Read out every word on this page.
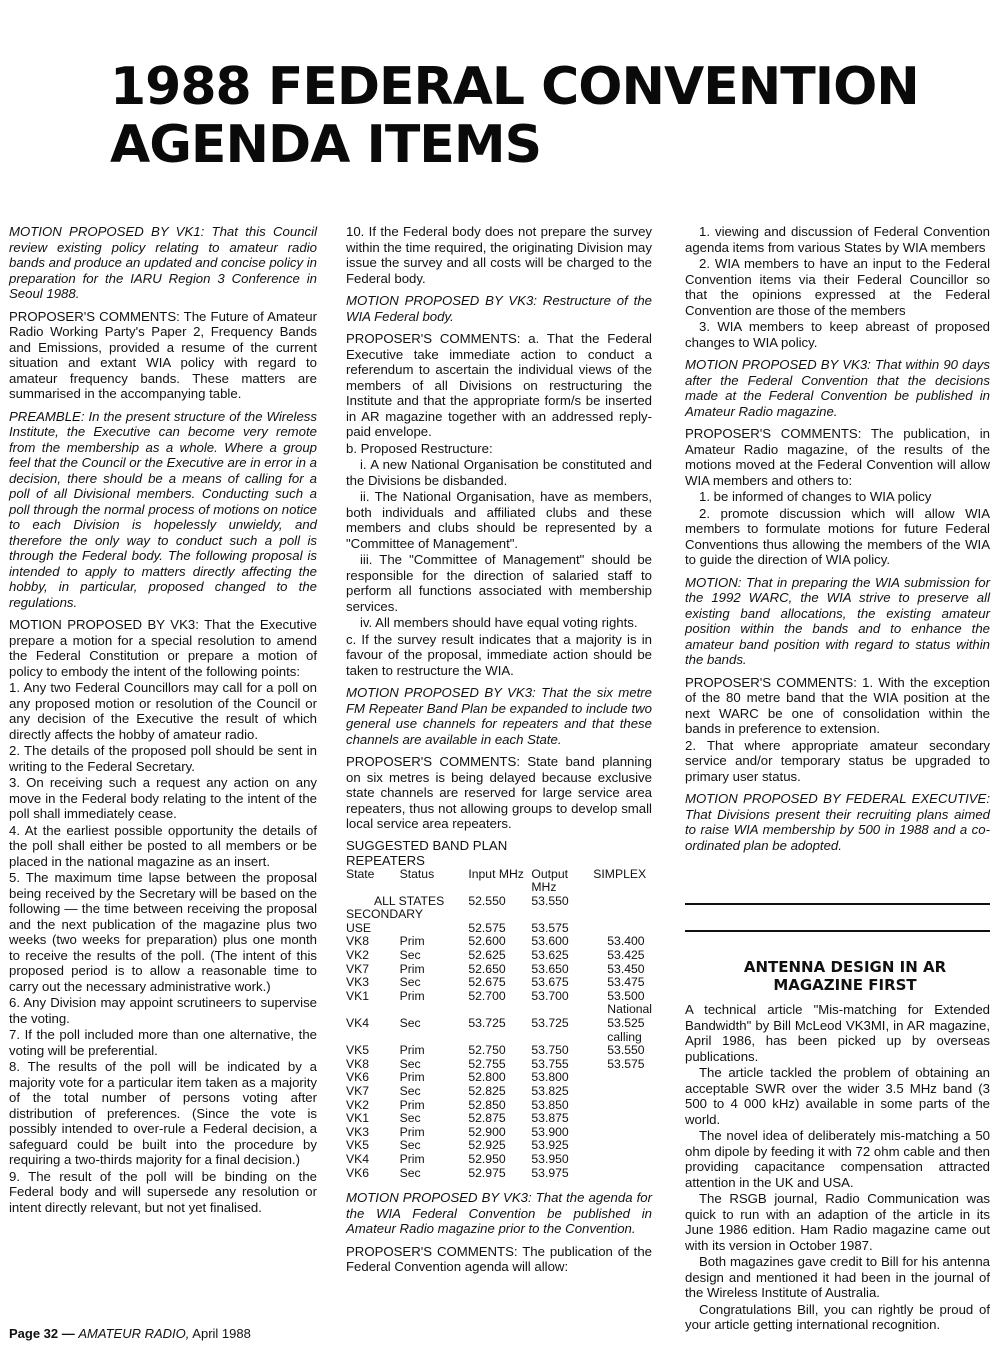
1988 FEDERAL CONVENTION
AGENDA ITEMS

MOTION PROPOSED BY VK1: That this Council review existing policy relating to amateur radio bands and produce an updated and concise policy in preparation for the IARU Region 3 Conference in Seoul 1988.

PROPOSER'S COMMENTS: The Future of Amateur Radio Working Party's Paper 2, Frequency Bands and Emissions, provided a resume of the current situation and extant WIA policy with regard to amateur frequency bands. These matters are summarised in the accompanying table.

PREAMBLE: In the present structure of the Wireless Institute, the Executive can become very remote from the membership as a whole. Where a group feel that the Council or the Executive are in error in a decision, there should be a means of calling for a poll of all Divisional members. Conducting such a poll through the normal process of motions on notice to each Division is hopelessly unwieldy, and therefore the only way to conduct such a poll is through the Federal body. The following proposal is intended to apply to matters directly affecting the hobby, in particular, proposed changed to the regulations.

MOTION PROPOSED BY VK3: That the Executive prepare a motion for a special resolution to amend the Federal Constitution or prepare a motion of policy to embody the intent of the following points:

1. Any two Federal Councillors may call for a poll on any proposed motion or resolution of the Council or any decision of the Executive the result of which directly affects the hobby of amateur radio.

2. The details of the proposed poll should be sent in writing to the Federal Secretary.

3. On receiving such a request any action on any move in the Federal body relating to the intent of the poll shall immediately cease.

4. At the earliest possible opportunity the details of the poll shall either be posted to all members or be placed in the national magazine as an insert.

5. The maximum time lapse between the proposal being received by the Secretary will be based on the following — the time between receiving the proposal and the next publication of the magazine plus two weeks (two weeks for preparation) plus one month to receive the results of the poll. (The intent of this proposed period is to allow a reasonable time to carry out the necessary administrative work.)

6. Any Division may appoint scrutineers to supervise the voting.

7. If the poll included more than one alternative, the voting will be preferential.

8. The results of the poll will be indicated by a majority vote for a particular item taken as a majority of the total number of persons voting after distribution of preferences. (Since the vote is possibly intended to over-rule a Federal decision, a safeguard could be built into the procedure by requiring a two-thirds majority for a final decision.)

9. The result of the poll will be binding on the Federal body and will supersede any resolution or intent directly relevant, but not yet finalised.

10. If the Federal body does not prepare the survey within the time required, the originating Division may issue the survey and all costs will be charged to the Federal body.

MOTION PROPOSED BY VK3: Restructure of the WIA Federal body.

PROPOSER'S COMMENTS: a. That the Federal Executive take immediate action to conduct a referendum to ascertain the individual views of the members of all Divisions on restructuring the Institute and that the appropriate form/s be inserted in AR magazine together with an addressed reply-paid envelope.

b. Proposed Restructure:

i. A new National Organisation be constituted and the Divisions be disbanded.

ii. The National Organisation, have as members, both individuals and affiliated clubs and these members and clubs should be represented by a "Committee of Management".

iii. The "Committee of Management" should be responsible for the direction of salaried staff to perform all functions associated with membership services.

iv. All members should have equal voting rights.

c. If the survey result indicates that a majority is in favour of the proposal, immediate action should be taken to restructure the WIA.

MOTION PROPOSED BY VK3: That the six metre FM Repeater Band Plan be expanded to include two general use channels for repeaters and that these channels are available in each State.

PROPOSER'S COMMENTS: State band planning on six metres is being delayed because exclusive state channels are reserved for large service area repeaters, thus not allowing groups to develop small local service area repeaters.

SUGGESTED BAND PLAN
REPEATERS
State	Status	Input MHz	Output MHz	SIMPLEX
ALL STATES		52.550	53.550	
SECONDARY				
USE		52.575	53.575	
VK8	Prim	52.600	53.600	53.400
VK2	Sec	52.625	53.625	53.425
VK7	Prim	52.650	53.650	53.450
VK3	Sec	52.675	53.675	53.475
VK1	Prim	52.700	53.700	53.500
				National
VK4	Sec	53.725	53.725	53.525
				calling
VK5	Prim	52.750	53.750	53.550
VK8	Sec	52.755	53.755	53.575
VK6	Prim	52.800	53.800	
VK7	Sec	52.825	53.825	
VK2	Prim	52.850	53.850	
VK1	Sec	52.875	53.875	
VK3	Prim	52.900	53.900	
VK5	Sec	52.925	53.925	
VK4	Prim	52.950	53.950	
VK6	Sec	52.975	53.975	

MOTION PROPOSED BY VK3: That the agenda for the WIA Federal Convention be published in Amateur Radio magazine prior to the Convention.

PROPOSER'S COMMENTS: The publication of the Federal Convention agenda will allow:

1. viewing and discussion of Federal Convention agenda items from various States by WIA members

2. WIA members to have an input to the Federal Convention items via their Federal Councillor so that the opinions expressed at the Federal Convention are those of the members

3. WIA members to keep abreast of proposed changes to WIA policy.

MOTION PROPOSED BY VK3: That within 90 days after the Federal Convention that the decisions made at the Federal Convention be published in Amateur Radio magazine.

PROPOSER'S COMMENTS: The publication, in Amateur Radio magazine, of the results of the motions moved at the Federal Convention will allow WIA members and others to:

1. be informed of changes to WIA policy

2. promote discussion which will allow WIA members to formulate motions for future Federal Conventions thus allowing the members of the WIA to guide the direction of WIA policy.

MOTION: That in preparing the WIA submission for the 1992 WARC, the WIA strive to preserve all existing band allocations, the existing amateur position within the bands and to enhance the amateur band position with regard to status within the bands.

PROPOSER'S COMMENTS: 1. With the exception of the 80 metre band that the WIA position at the next WARC be one of consolidation within the bands in preference to extension.

2. That where appropriate amateur secondary service and/or temporary status be upgraded to primary user status.

MOTION PROPOSED BY FEDERAL EXECUTIVE: That Divisions present their recruiting plans aimed to raise WIA membership by 500 in 1988 and a co-ordinated plan be adopted.

ANTENNA DESIGN IN AR MAGAZINE FIRST

A technical article "Mis-matching for Extended Bandwidth" by Bill McLeod VK3MI, in AR magazine, April 1986, has been picked up by overseas publications.

The article tackled the problem of obtaining an acceptable SWR over the wider 3.5 MHz band (3 500 to 4 000 kHz) available in some parts of the world.

The novel idea of deliberately mis-matching a 50 ohm dipole by feeding it with 72 ohm cable and then providing capacitance compensation attracted attention in the UK and USA.

The RSGB journal, Radio Communication was quick to run with an adaption of the article in its June 1986 edition. Ham Radio magazine came out with its version in October 1987.

Both magazines gave credit to Bill for his antenna design and mentioned it had been in the journal of the Wireless Institute of Australia.

Congratulations Bill, you can rightly be proud of your article getting international recognition.

Page 32 — AMATEUR RADIO, April 1988
